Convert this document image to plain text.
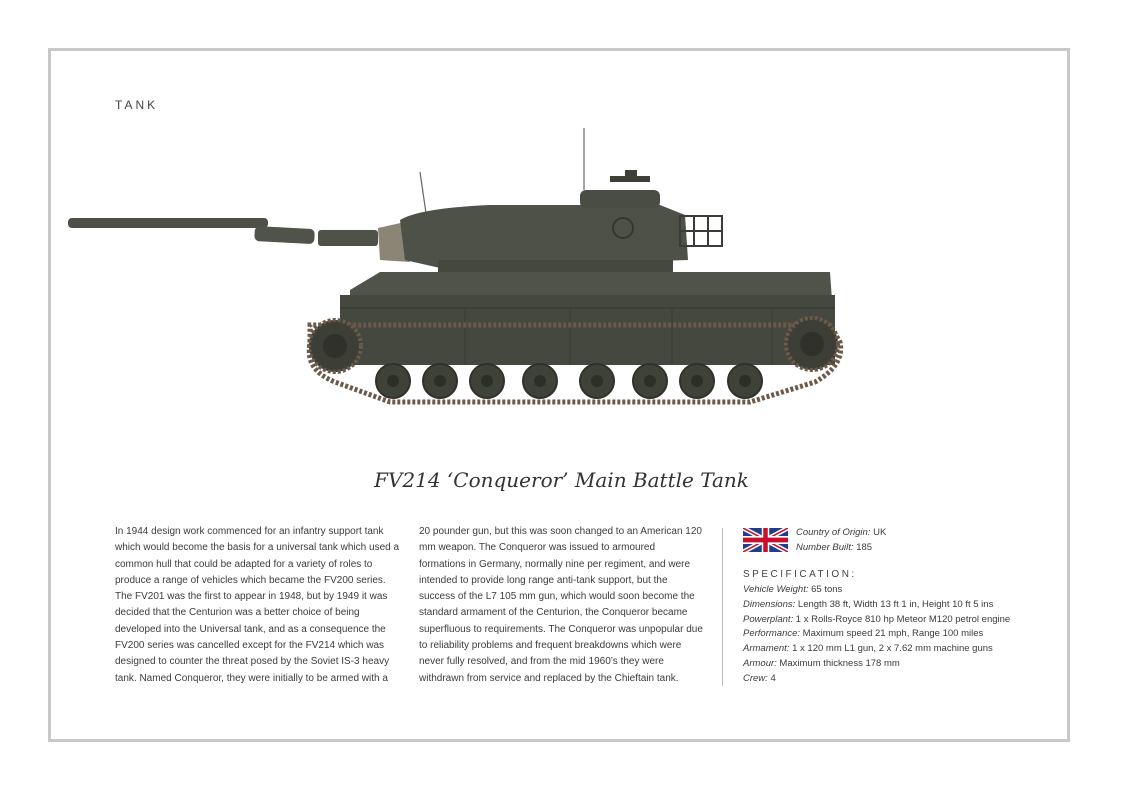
TANK
FV214 ‘Conqueror’ Main Battle Tank
In 1944 design work commenced for an infantry support tank which would become the basis for a universal tank which used a common hull that could be adapted for a variety of roles to produce a range of vehicles which became the FV200 series. The FV201 was the first to appear in 1948, but by 1949 it was decided that the Centurion was a better choice of being developed into the Universal tank, and as a consequence the FV200 series was cancelled except for the FV214 which was designed to counter the threat posed by the Soviet IS-3 heavy tank. Named Conqueror, they were initially to be armed with a
20 pounder gun, but this was soon changed to an American 120 mm weapon. The Conqueror was issued to armoured formations in Germany, normally nine per regiment, and were intended to provide long range anti-tank support, but the success of the L7 105 mm gun, which would soon become the standard armament of the Centurion, the Conqueror became superfluous to requirements. The Conqueror was unpopular due to reliability problems and frequent breakdowns which were never fully resolved, and from the mid 1960’s they were withdrawn from service and replaced by the Chieftain tank.
Country of Origin: UK
Number Built: 185
SPECIFICATION:
Vehicle Weight: 65 tons
Dimensions: Length 38 ft, Width 13 ft 1 in, Height 10 ft 5 ins
Powerplant: 1 x Rolls-Royce 810 hp Meteor M120 petrol engine
Performance: Maximum speed 21 mph, Range 100 miles
Armament: 1 x 120 mm L1 gun, 2 x 7.62 mm machine guns
Armour: Maximum thickness 178 mm
Crew: 4
